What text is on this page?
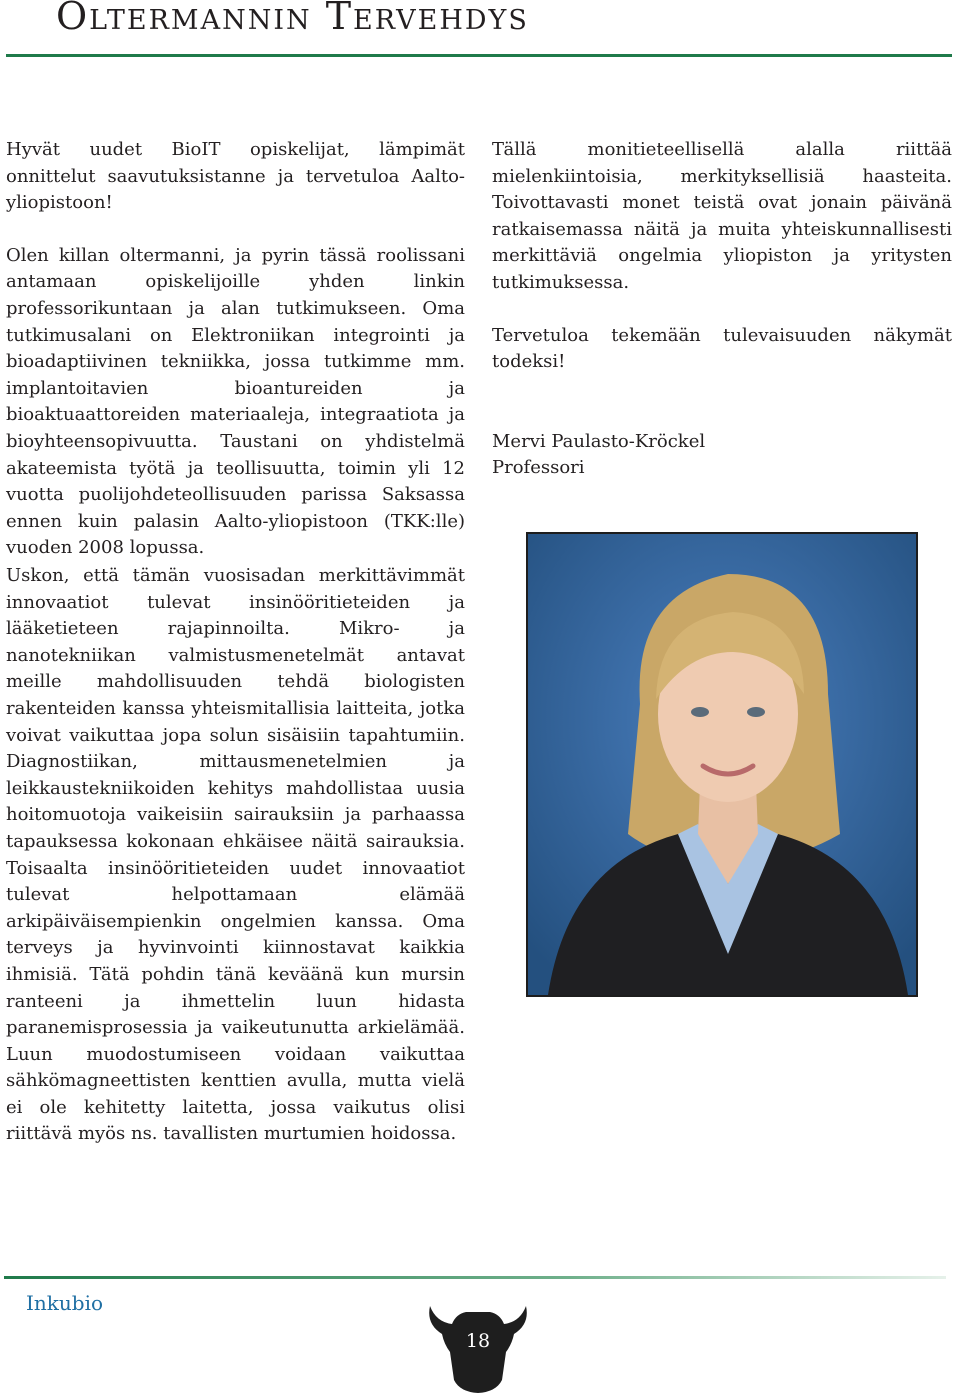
Oltermannin Tervehdys

Hyvät uudet BioIT opiskelijat, lämpimät onnittelut saavutuksistanne ja tervetuloa Aalto-yliopistoon!

Olen killan oltermanni, ja pyrin tässä roolissani antamaan opiskelijoille yhden linkin professorikuntaan ja alan tutkimukseen. Oma tutkimusalani on Elektroniikan integrointi ja bioadaptiivinen tekniikka, jossa tutkimme mm. implantoitavien bioantureiden ja bioaktuaattoreiden materiaaleja, integraatiota ja bioyhteensopivuutta. Taustani on yhdistelmä akateemista työtä ja teollisuutta, toimin yli 12 vuotta puolijohdeteollisuuden parissa Saksassa ennen kuin palasin Aalto-yliopistoon (TKK:lle) vuoden 2008 lopussa.

Uskon, että tämän vuosisadan merkittävimmät innovaatiot tulevat insinööritieteiden ja lääketieteen rajapinnoilta. Mikro- ja nanotekniikan valmistusmenetelmät antavat meille mahdollisuuden tehdä biologisten rakenteiden kanssa yhteismitallisia laitteita, jotka voivat vaikuttaa jopa solun sisäisiin tapahtumiin. Diagnostiikan, mittausmenetelmien ja leikkaustekniikoiden kehitys mahdollistaa uusia hoitomuotoja vaikeisiin sairauksiin ja parhaassa tapauksessa kokonaan ehkäisee näitä sairauksia. Toisaalta insinööritieteiden uudet innovaatiot tulevat helpottamaan elämää arkipäiväisempienkin ongelmien kanssa. Oma terveys ja hyvinvointi kiinnostavat kaikkia ihmisiä. Tätä pohdin tänä keväänä kun mursin ranteeni ja ihmettelin luun hidasta paranemisprosessia ja vaikeutunutta arkielämää. Luun muodostumiseen voidaan vaikuttaa sähkömagneettisten kenttien avulla, mutta vielä ei ole kehitetty laitetta, jossa vaikutus olisi riittävä myös ns. tavallisten murtumien hoidossa.

Tällä monitieteellisellä alalla riittää mielenkiintoisia, merkityksellisiä haasteita. Toivottavasti monet teistä ovat jonain päivänä ratkaisemassa näitä ja muita yhteiskunnallisesti merkittäviä ongelmia yliopiston ja yritysten tutkimuksessa.

Tervetuloa tekemään tulevaisuuden näkymät todeksi!

Mervi Paulasto-Kröckel

Professori

Inkubio
18
